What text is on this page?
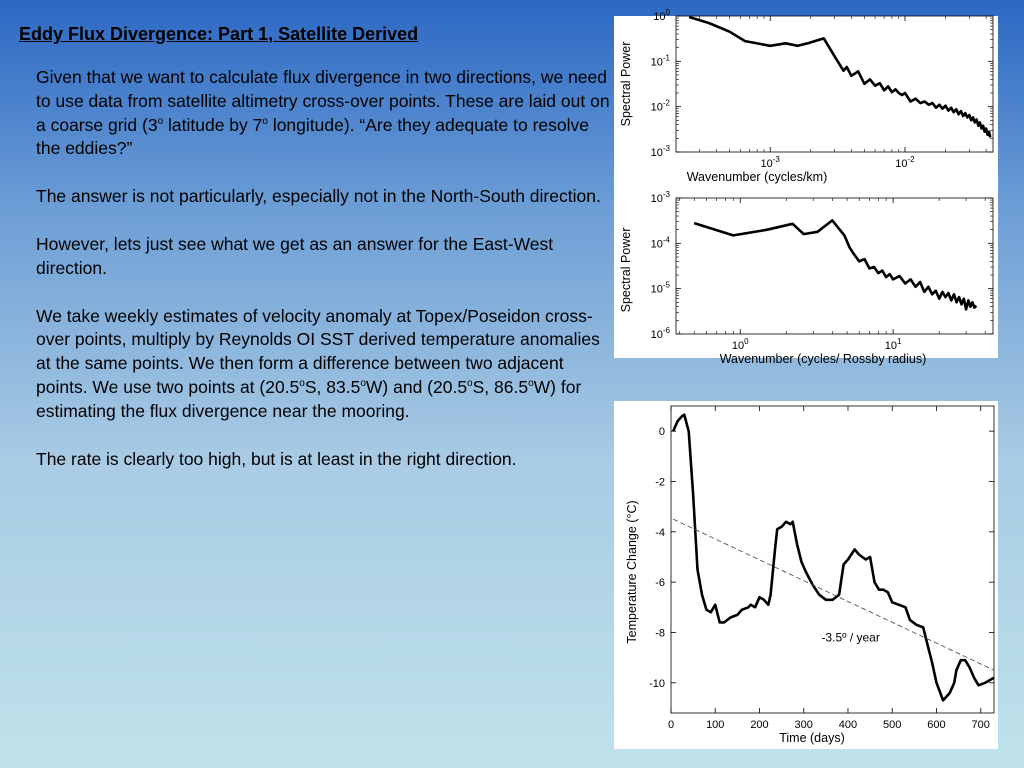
Eddy Flux Divergence: Part 1, Satellite Derived

Given that we want to calculate flux divergence in two directions, we need to use data from satellite altimetry cross-over points. These are laid out on a coarse grid (3$^o$ latitude by 7$^o$ longitude). “Are they adequate to resolve the eddies?”

The answer is not particularly, especially not in the North-South direction.

However, lets just see what we get as an answer for the East-West direction.

We take weekly estimates of velocity anomaly at Topex/Poseidon cross-over points, multiply by Reynolds OI SST derived temperature anomalies at the same points. We then form a difference between two adjacent points. We use two points at (20.5$^o$S, 83.5$^o$W) and (20.5$^o$S, 86.5$^o$W) for estimating the flux divergence near the mooring.

The rate is clearly too high, but is at least in the right direction.

$10^{-3}$	$10^{-2}$
$10^0$
$10^{-1}$
$10^{-2}$
$10^{-3}$
Wavenumber (cycles/km)
Spectral Power
$10^0$	$10^1$
$10^{-3}$
$10^{-4}$
$10^{-5}$
$10^{-6}$
Wavenumber (cycles/ Rossby radius)
Spectral Power
0	100 200 300 400 500 600 700
0
-2
-4
-6
-8
-10
-3.5º / year
Time (days)
Temperature Change (°C)
